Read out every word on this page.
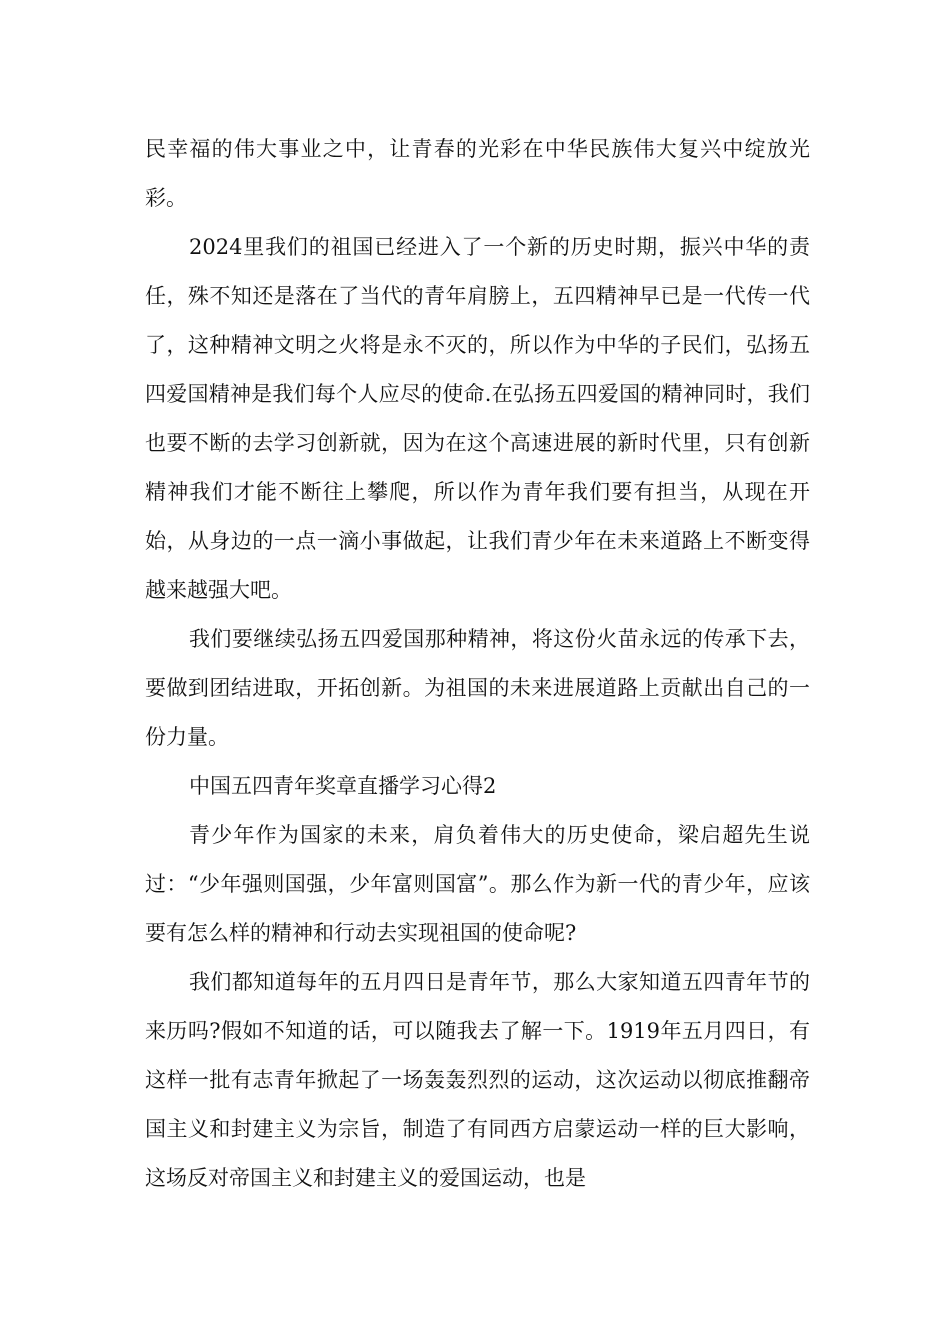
民幸福的伟大事业之中，让青春的光彩在中华民族伟大复兴中绽放光彩。

2024里我们的祖国已经进入了一个新的历史时期，振兴中华的责任，殊不知还是落在了当代的青年肩膀上，五四精神早已是一代传一代了，这种精神文明之火将是永不灭的，所以作为中华的子民们，弘扬五四爱国精神是我们每个人应尽的使命.在弘扬五四爱国的精神同时，我们也要不断的去学习创新就，因为在这个高速进展的新时代里，只有创新精神我们才能不断往上攀爬，所以作为青年我们要有担当，从现在开始，从身边的一点一滴小事做起，让我们青少年在未来道路上不断变得越来越强大吧。

我们要继续弘扬五四爱国那种精神，将这份火苗永远的传承下去，要做到团结进取，开拓创新。为祖国的未来进展道路上贡献出自己的一份力量。

中国五四青年奖章直播学习心得2

青少年作为国家的未来，肩负着伟大的历史使命，梁启超先生说过：“少年强则国强，少年富则国富”。那么作为新一代的青少年，应该要有怎么样的精神和行动去实现祖国的使命呢?

我们都知道每年的五月四日是青年节，那么大家知道五四青年节的来历吗?假如不知道的话，可以随我去了解一下。1919年五月四日，有这样一批有志青年掀起了一场轰轰烈烈的运动，这次运动以彻底推翻帝国主义和封建主义为宗旨，制造了有同西方启蒙运动一样的巨大影响，这场反对帝国主义和封建主义的爱国运动，也是
